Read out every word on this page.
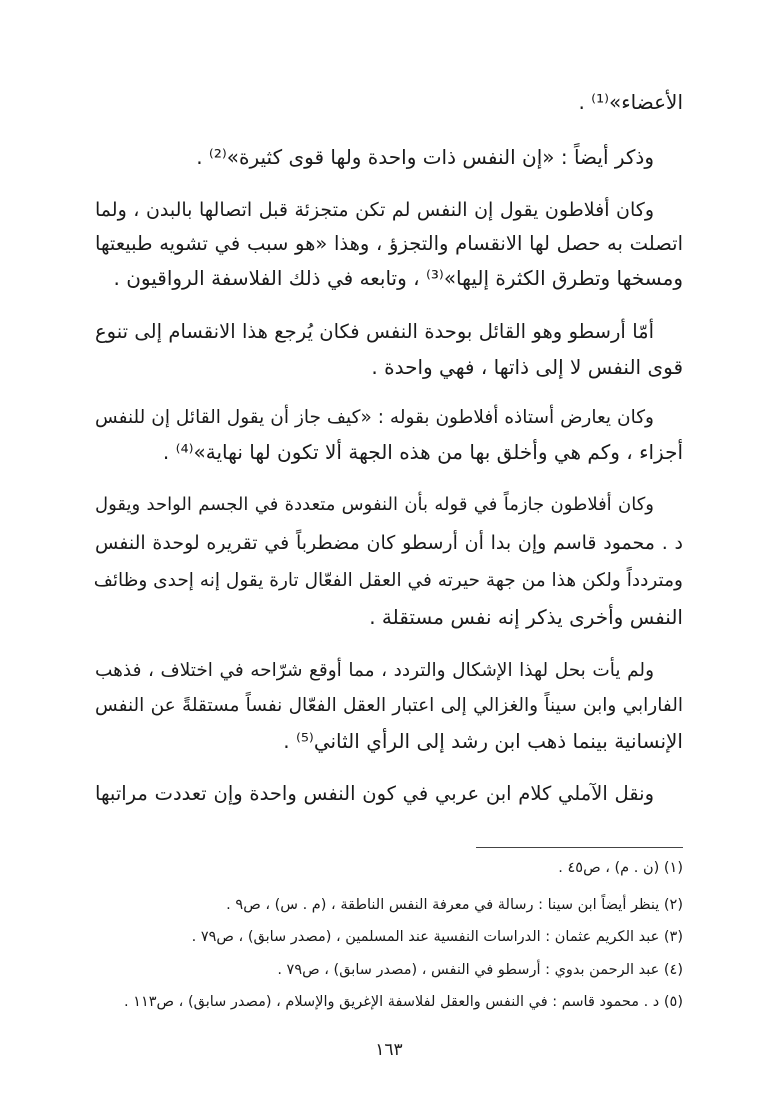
الأعضاء»⁽¹⁾ .
وذكر أيضاً : «إن النفس ذات واحدة ولها قوى كثيرة»⁽²⁾ .
وكان أفلاطون يقول إن النفس لم تكن متجزئة قبل اتصالها بالبدن ، ولما
اتصلت به حصل لها الانقسام والتجزؤ ، وهذا «هو سبب في تشويه طبيعتها
ومسخها وتطرق الكثرة إليها»⁽³⁾ ، وتابعه في ذلك الفلاسفة الرواقيون .
أمّا أرسطو وهو القائل بوحدة النفس فكان يُرجع هذا الانقسام إلى تنوع
قوى النفس لا إلى ذاتها ، فهي واحدة .
وكان يعارض أستاذه أفلاطون بقوله : «كيف جاز أن يقول القائل إن للنفس
أجزاء ، وكم هي وأخلق بها من هذه الجهة ألا تكون لها نهاية»⁽⁴⁾ .
وكان أفلاطون جازماً في قوله بأن النفوس متعددة في الجسم الواحد ويقول
د . محمود قاسم وإن بدا أن أرسطو كان مضطرباً في تقريره لوحدة النفس
ومتردداً ولكن هذا من جهة حيرته في العقل الفعّال تارة يقول إنه إحدى وظائف
النفس وأخرى يذكر إنه نفس مستقلة .
ولم يأت بحل لهذا الإشكال والتردد ، مما أوقع شرّاحه في اختلاف ، فذهب
الفارابي وابن سيناً والغزالي إلى اعتبار العقل الفعّال نفساً مستقلةً عن النفس
الإنسانية بينما ذهب ابن رشد إلى الرأي الثاني⁽⁵⁾ .
ونقل الآملي كلام ابن عربي في كون النفس واحدة وإن تعددت مراتبها
(١) (ن . م) ، ص٤٥ .
(٢) ينظر أيضاً ابن سينا : رسالة في معرفة النفس الناطقة ، (م . س) ، ص٩ .
(٣) عبد الكريم عثمان : الدراسات النفسية عند المسلمين ، (مصدر سابق) ، ص٧٩ .
(٤) عبد الرحمن بدوي : أرسطو في النفس ، (مصدر سابق) ، ص٧٩ .
(٥) د . محمود قاسم : في النفس والعقل لفلاسفة الإغريق والإسلام ، (مصدر سابق) ، ص١١٣ .
١٦٣
